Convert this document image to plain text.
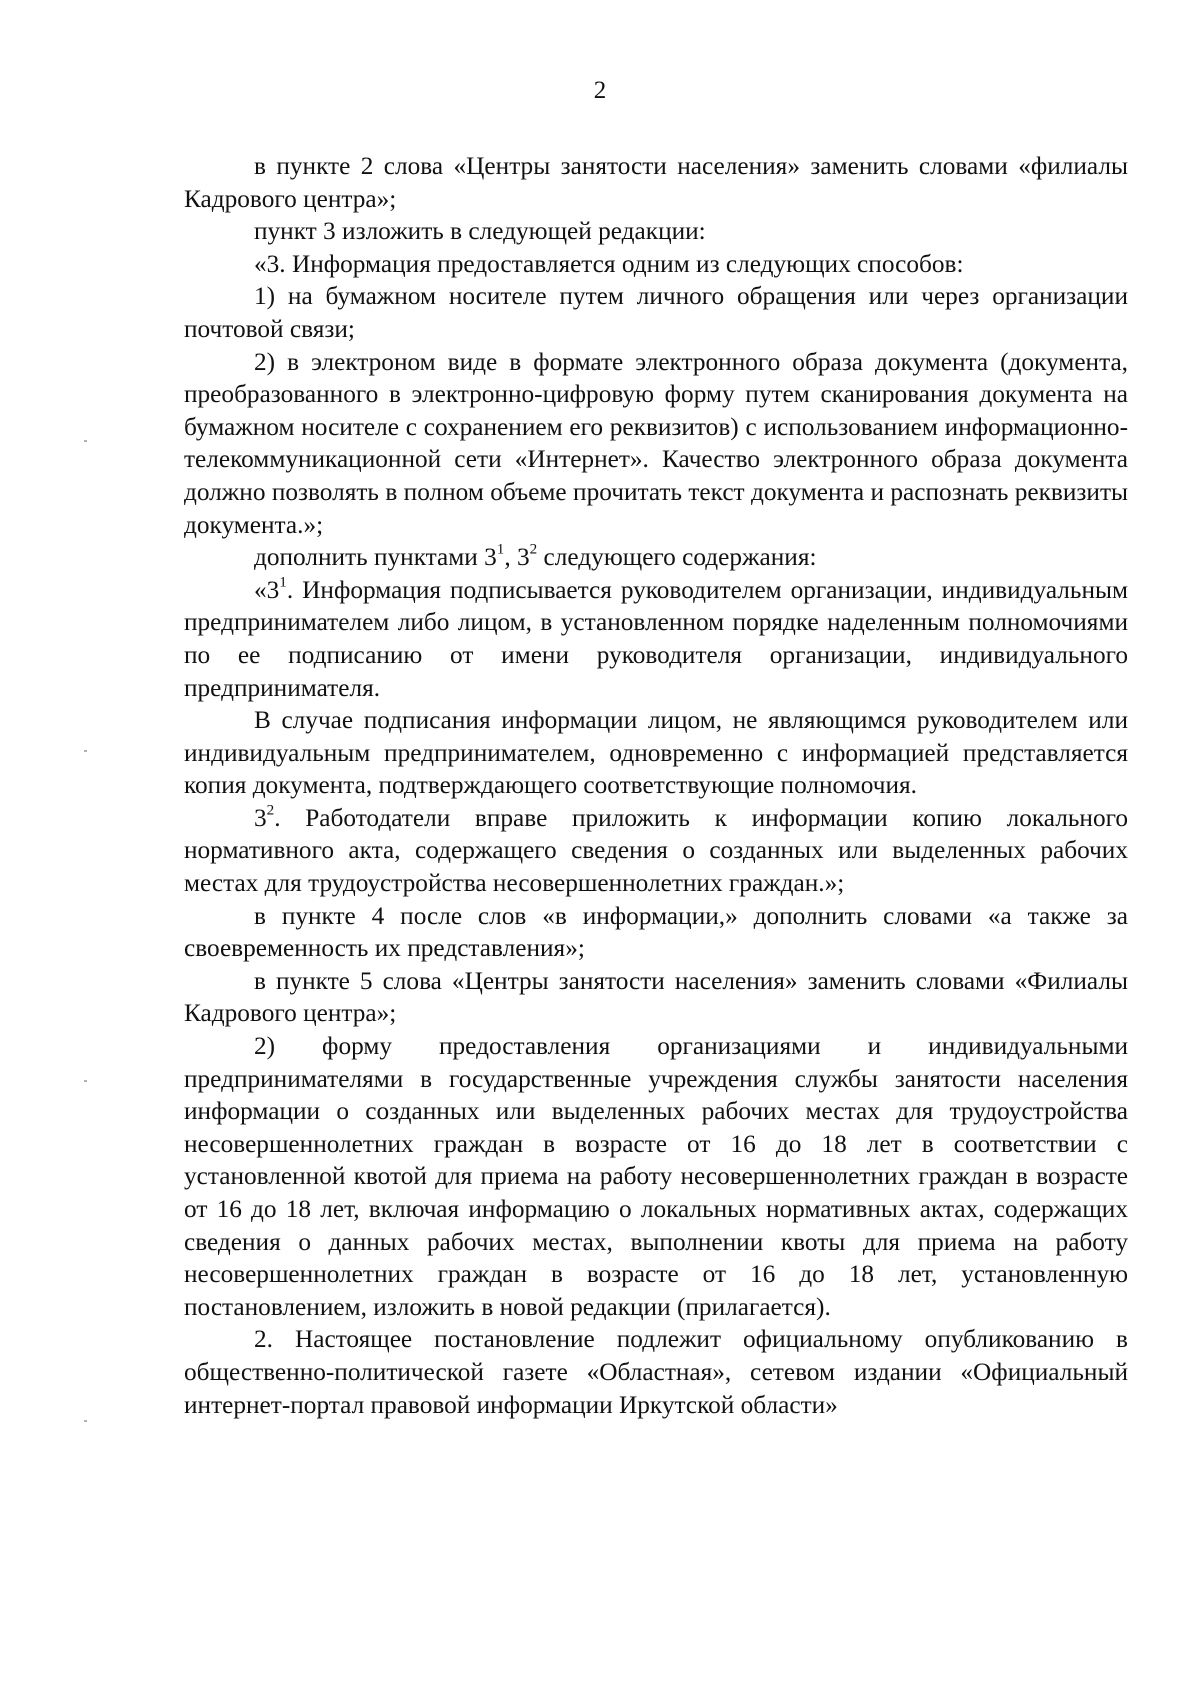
2

в пункте 2 слова «Центры занятости населения» заменить словами «филиалы Кадрового центра»;

пункт 3 изложить в следующей редакции:

«3. Информация предоставляется одним из следующих способов:

1) на бумажном носителе путем личного обращения или через организации почтовой связи;

2) в электроном виде в формате электронного образа документа (документа, преобразованного в электронно-цифровую форму путем сканирования документа на бумажном носителе с сохранением его реквизитов) с использованием информационно-телекоммуникационной сети «Интернет». Качество электронного образа документа должно позволять в полном объеме прочитать текст документа и распознать реквизиты документа.»;

дополнить пунктами $3^1$, $3^2$ следующего содержания:

«$3^1$. Информация подписывается руководителем организации, индивидуальным предпринимателем либо лицом, в установленном порядке наделенным полномочиями по ее подписанию от имени руководителя организации, индивидуального предпринимателя.

В случае подписания информации лицом, не являющимся руководителем или индивидуальным предпринимателем, одновременно с информацией представляется копия документа, подтверждающего соответствующие полномочия.

$3^2$. Работодатели вправе приложить к информации копию локального нормативного акта, содержащего сведения о созданных или выделенных рабочих местах для трудоустройства несовершеннолетних граждан.»;

в пункте 4 после слов «в информации,» дополнить словами «а также за своевременность их представления»;

в пункте 5 слова «Центры занятости населения» заменить словами «Филиалы Кадрового центра»;

2) форму предоставления организациями и индивидуальными предпринимателями в государственные учреждения службы занятости населения информации о созданных или выделенных рабочих местах для трудоустройства несовершеннолетних граждан в возрасте от 16 до 18 лет в соответствии с установленной квотой для приема на работу несовершеннолетних граждан в возрасте от 16 до 18 лет, включая информацию о локальных нормативных актах, содержащих сведения о данных рабочих местах, выполнении квоты для приема на работу несовершеннолетних граждан в возрасте от 16 до 18 лет, установленную постановлением, изложить в новой редакции (прилагается).

2. Настоящее постановление подлежит официальному опубликованию в общественно-политической газете «Областная», сетевом издании «Официальный интернет-портал правовой информации Иркутской области»
